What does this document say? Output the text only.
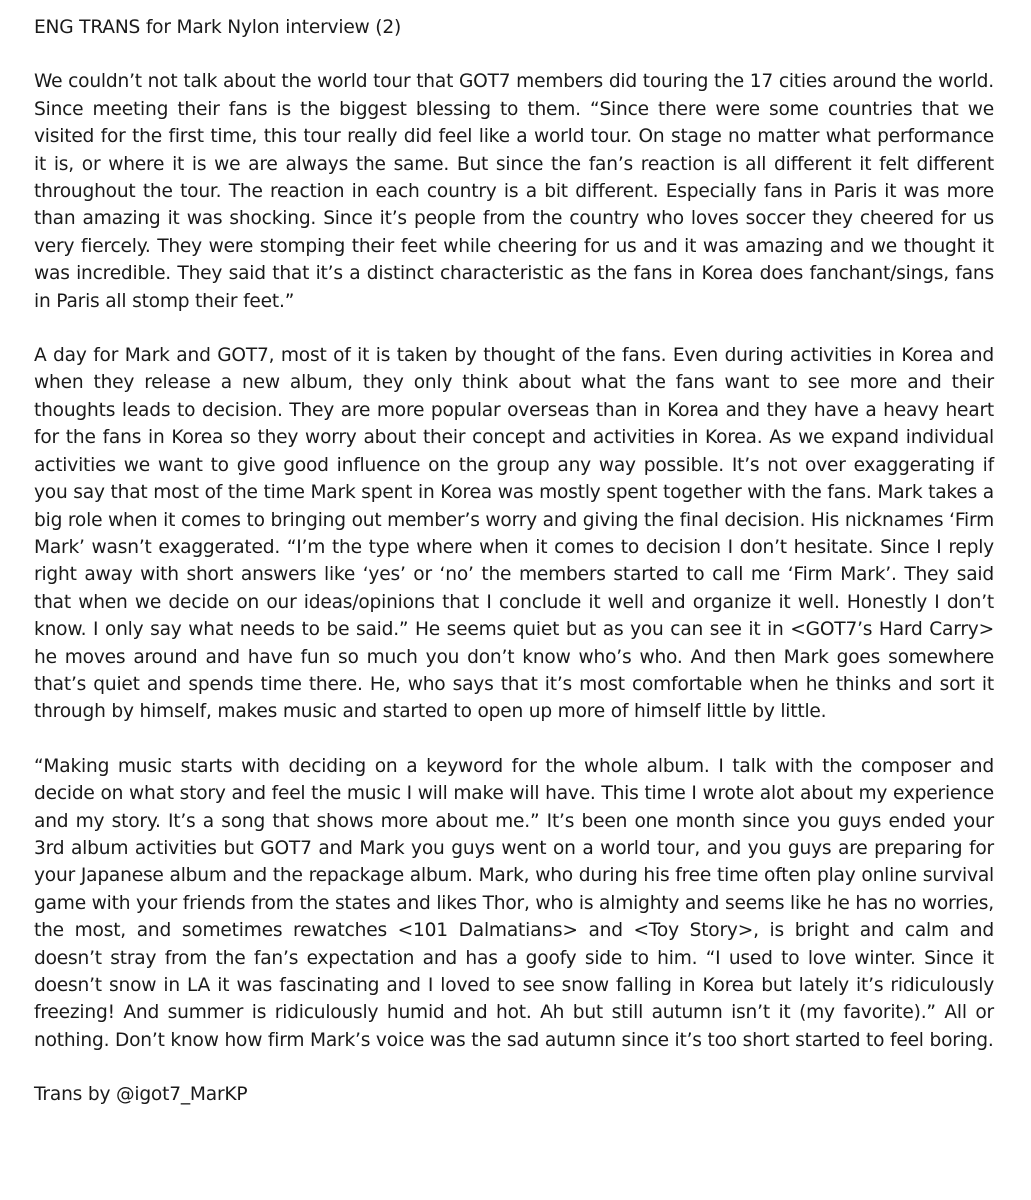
ENG TRANS for Mark Nylon interview (2)

We couldn’t not talk about the world tour that GOT7 members did touring the 17 cities around the world. Since meeting their fans is the biggest blessing to them. “Since there were some countries that we visited for the first time, this tour really did feel like a world tour. On stage no matter what performance it is, or where it is we are always the same. But since the fan’s reaction is all different it felt different throughout the tour. The reaction in each country is a bit different. Especially fans in Paris it was more than amazing it was shocking. Since it’s people from the country who loves soccer they cheered for us very fiercely. They were stomping their feet while cheering for us and it was amazing and we thought it was incredible. They said that it’s a distinct characteristic as the fans in Korea does fanchant/sings, fans in Paris all stomp their feet.”

A day for Mark and GOT7, most of it is taken by thought of the fans. Even during activities in Korea and when they release a new album, they only think about what the fans want to see more and their thoughts leads to decision. They are more popular overseas than in Korea and they have a heavy heart for the fans in Korea so they worry about their concept and activities in Korea. As we expand individual activities we want to give good influence on the group any way possible. It’s not over exaggerating if you say that most of the time Mark spent in Korea was mostly spent together with the fans. Mark takes a big role when it comes to bringing out member’s worry and giving the final decision. His nicknames ‘Firm Mark’ wasn’t exaggerated. “I’m the type where when it comes to decision I don’t hesitate. Since I reply right away with short answers like ‘yes’ or ‘no’ the members started to call me ‘Firm Mark’. They said that when we decide on our ideas/opinions that I conclude it well and organize it well. Honestly I don’t know. I only say what needs to be said.” He seems quiet but as you can see it in <GOT7’s Hard Carry> he moves around and have fun so much you don’t know who’s who. And then Mark goes somewhere that’s quiet and spends time there. He, who says that it’s most comfortable when he thinks and sort it through by himself, makes music and started to open up more of himself little by little.

“Making music starts with deciding on a keyword for the whole album. I talk with the composer and decide on what story and feel the music I will make will have. This time I wrote alot about my experience and my story. It’s a song that shows more about me.” It’s been one month since you guys ended your 3rd album activities but GOT7 and Mark you guys went on a world tour, and you guys are preparing for your Japanese album and the repackage album. Mark, who during his free time often play online survival game with your friends from the states and likes Thor, who is almighty and seems like he has no worries, the most, and sometimes rewatches <101 Dalmatians> and <Toy Story>, is bright and calm and doesn’t stray from the fan’s expectation and has a goofy side to him. “I used to love winter. Since it doesn’t snow in LA it was fascinating and I loved to see snow falling in Korea but lately it’s ridiculously freezing! And summer is ridiculously humid and hot. Ah but still autumn isn’t it (my favorite).” All or nothing. Don’t know how firm Mark’s voice was the sad autumn since it’s too short started to feel boring.

Trans by @igot7_MarKP
